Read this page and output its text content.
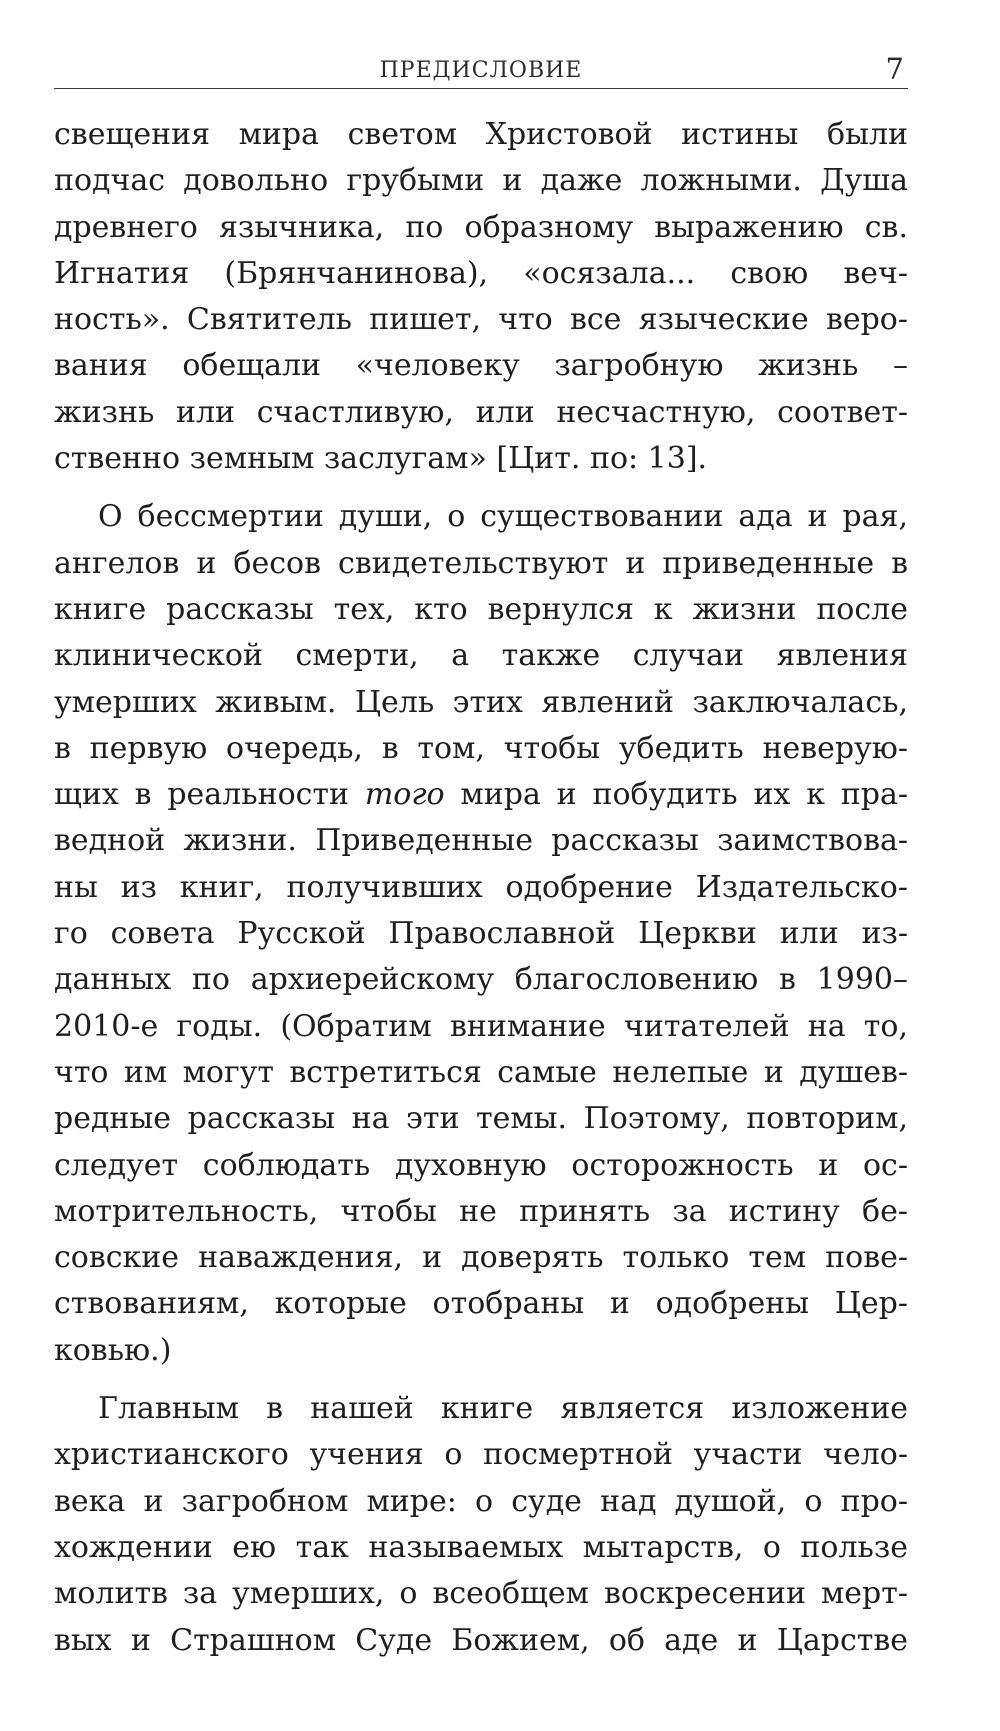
ПРЕДИСЛОВИЕ	7
свещения мира светом Христовой истины были
подчас довольно грубыми и даже ложными. Душа
древнего язычника, по образному выражению св.
Игнатия (Брянчанинова), «осязала... свою веч-
ность». Святитель пишет, что все языческие веро-
вания обещали «человеку загробную жизнь –
жизнь или счастливую, или несчастную, соответ-
ственно земным заслугам» [Цит. по: 13].
О бессмертии души, о существовании ада и рая,
ангелов и бесов свидетельствуют и приведенные в
книге рассказы тех, кто вернулся к жизни после
клинической смерти, а также случаи явления
умерших живым. Цель этих явлений заключалась,
в первую очередь, в том, чтобы убедить неверую-
щих в реальности того мира и побудить их к пра-
ведной жизни. Приведенные рассказы заимствова-
ны из книг, получивших одобрение Издательско-
го совета Русской Православной Церкви или из-
данных по архиерейскому благословению в 1990–
2010-е годы. (Обратим внимание читателей на то,
что им могут встретиться самые нелепые и душев-
редные рассказы на эти темы. Поэтому, повторим,
следует соблюдать духовную осторожность и ос-
мотрительность, чтобы не принять за истину бе-
совские наваждения, и доверять только тем пове-
ствованиям, которые отобраны и одобрены Цер-
ковью.)
Главным в нашей книге является изложение
христианского учения о посмертной участи чело-
века и загробном мире: о суде над душой, о про-
хождении ею так называемых мытарств, о пользе
молитв за умерших, о всеобщем воскресении мерт-
вых и Страшном Суде Божием, об аде и Царстве
